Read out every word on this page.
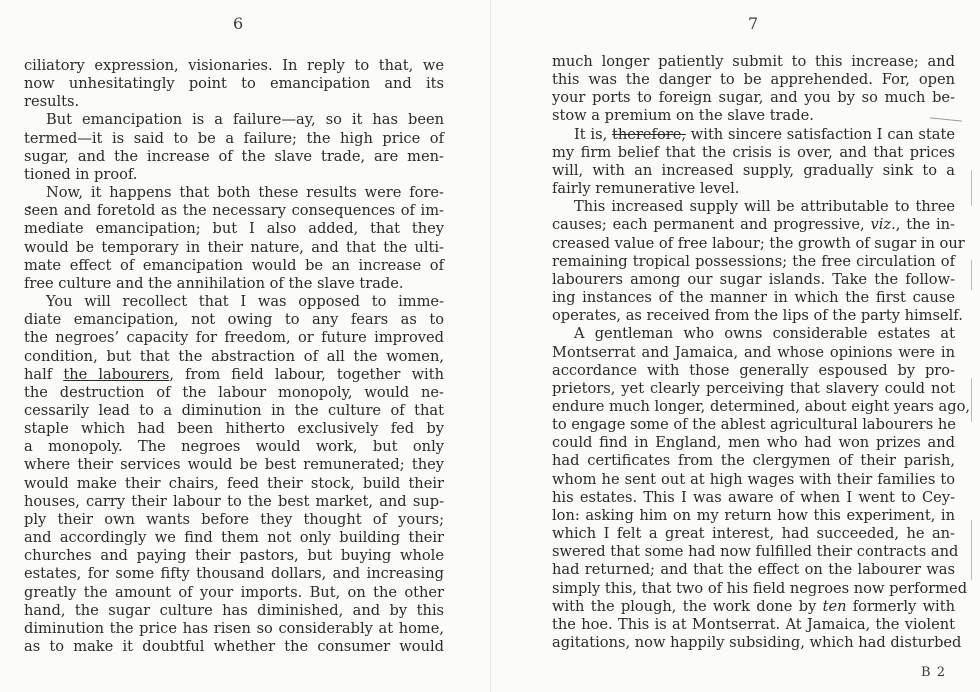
6
ciliatory expression, visionaries. In reply to that, we
now unhesitatingly point to emancipation and its
results.
But emancipation is a failure—ay, so it has been
termed—it is said to be a failure; the high price of
sugar, and the increase of the slave trade, are men-
tioned in proof.
Now, it happens that both these results were fore-
seen and foretold as the necessary consequences of im-
mediate emancipation; but I also added, that they
would be temporary in their nature, and that the ulti-
mate effect of emancipation would be an increase of
free culture and the annihilation of the slave trade.
You will recollect that I was opposed to imme-
diate emancipation, not owing to any fears as to
the negroes’ capacity for freedom, or future improved
condition, but that the abstraction of all the women,
half the labourers, from field labour, together with
the destruction of the labour monopoly, would ne-
cessarily lead to a diminution in the culture of that
staple which had been hitherto exclusively fed by
a monopoly. The negroes would work, but only
where their services would be best remunerated; they
would make their chairs, feed their stock, build their
houses, carry their labour to the best market, and sup-
ply their own wants before they thought of yours;
and accordingly we find them not only building their
churches and paying their pastors, but buying whole
estates, for some fifty thousand dollars, and increasing
greatly the amount of your imports. But, on the other
hand, the sugar culture has diminished, and by this
diminution the price has risen so considerably at home,
as to make it doubtful whether the consumer would
7
much longer patiently submit to this increase; and
this was the danger to be apprehended. For, open
your ports to foreign sugar, and you by so much be-
stow a premium on the slave trade.
It is, therefore, with sincere satisfaction I can state
my firm belief that the crisis is over, and that prices
will, with an increased supply, gradually sink to a
fairly remunerative level.
This increased supply will be attributable to three
causes; each permanent and progressive, viz., the in-
creased value of free labour; the growth of sugar in our
remaining tropical possessions; the free circulation of
labourers among our sugar islands. Take the follow-
ing instances of the manner in which the first cause
operates, as received from the lips of the party himself.
A gentleman who owns considerable estates at
Montserrat and Jamaica, and whose opinions were in
accordance with those generally espoused by pro-
prietors, yet clearly perceiving that slavery could not
endure much longer, determined, about eight years ago,
to engage some of the ablest agricultural labourers he
could find in England, men who had won prizes and
had certificates from the clergymen of their parish,
whom he sent out at high wages with their families to
his estates. This I was aware of when I went to Cey-
lon: asking him on my return how this experiment, in
which I felt a great interest, had succeeded, he an-
swered that some had now fulfilled their contracts and
had returned; and that the effect on the labourer was
simply this, that two of his field negroes now performed
with the plough, the work done by ten formerly with
the hoe. This is at Montserrat. At Jamaica, the violent
agitations, now happily subsiding, which had disturbed
B 2
